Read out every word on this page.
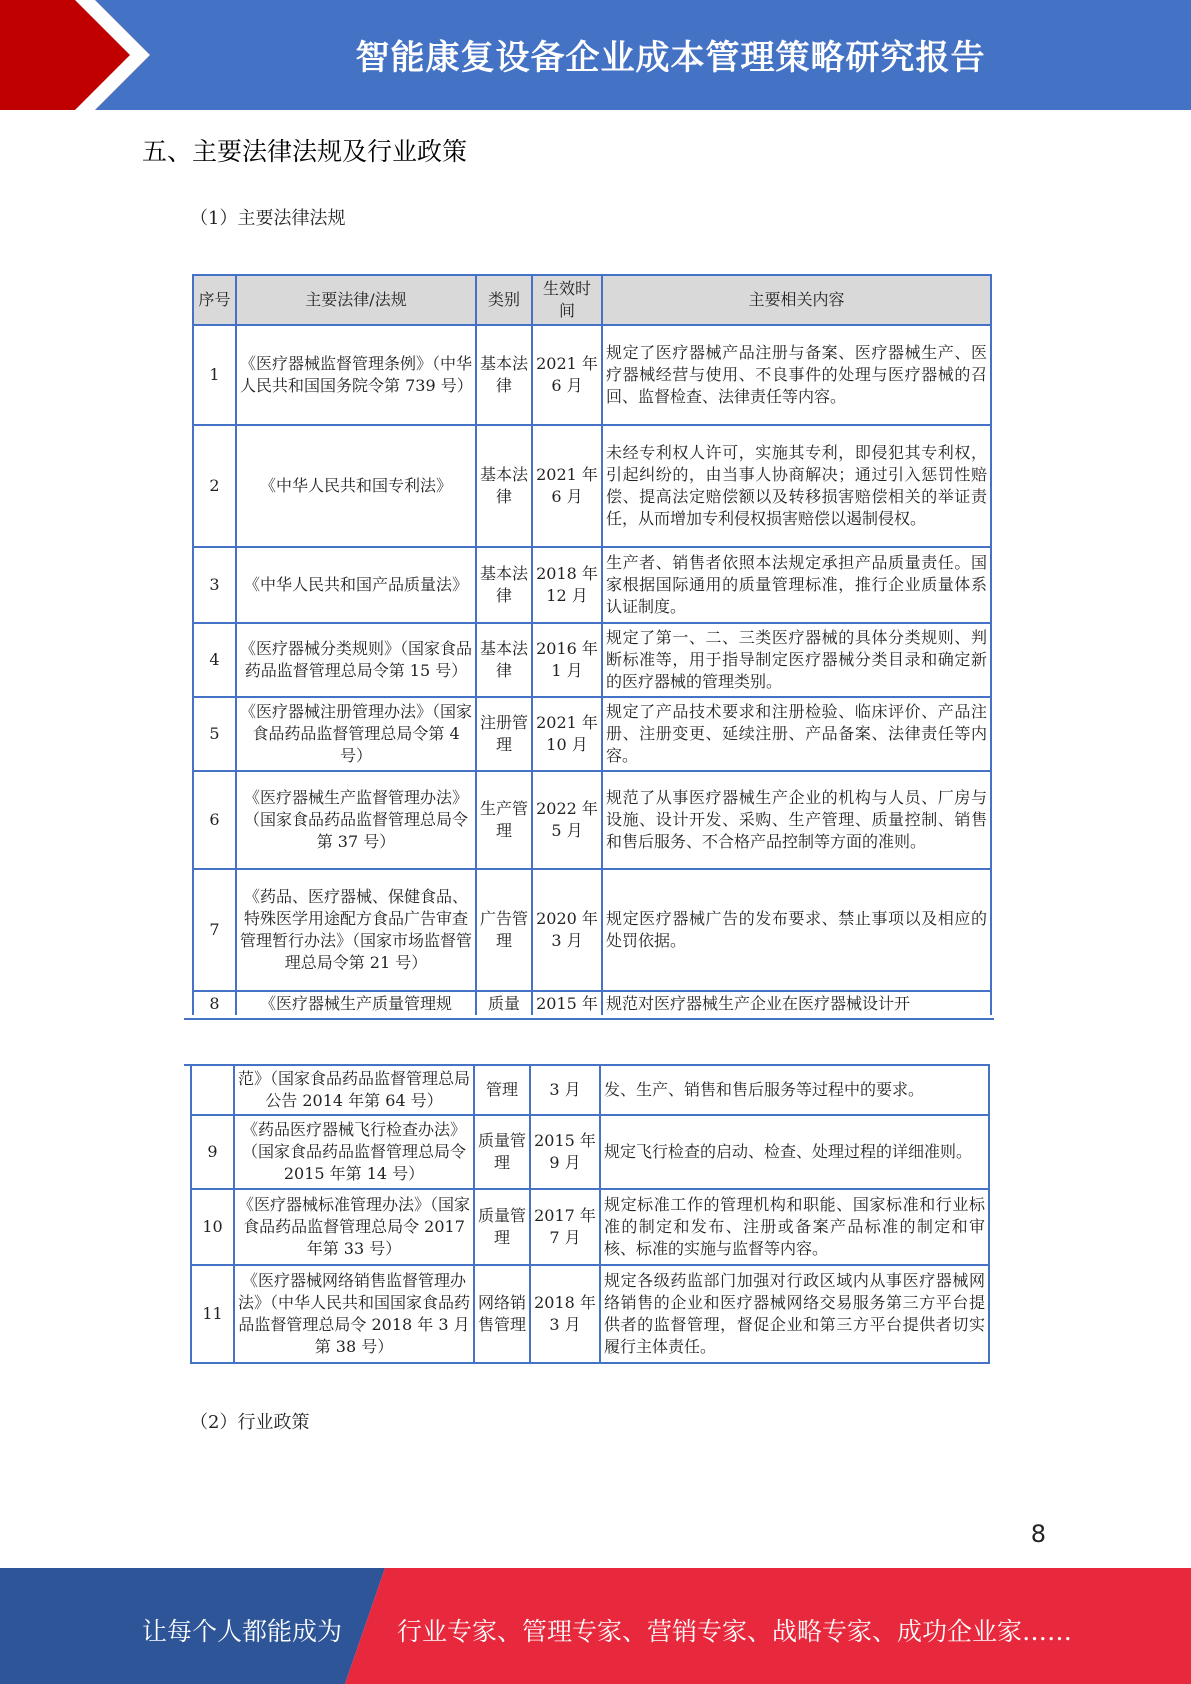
智能康复设备企业成本管理策略研究报告
五、主要法律法规及行业政策
（1）主要法律法规
序号	主要法律/法规	类别	生效时间	主要相关内容
1	《医疗器械监督管理条例》（中华人民共和国国务院令第 739 号）	基本法律	2021 年6 月	规定了医疗器械产品注册与备案、医疗器械生产、医疗器械经营与使用、不良事件的处理与医疗器械的召回、监督检查、法律责任等内容。
2	《中华人民共和国专利法》	基本法律	2021 年6 月	未经专利权人许可，实施其专利，即侵犯其专利权，引起纠纷的，由当事人协商解决；通过引入惩罚性赔偿、提高法定赔偿额以及转移损害赔偿相关的举证责任，从而增加专利侵权损害赔偿以遏制侵权。
3	《中华人民共和国产品质量法》	基本法律	2018 年12 月	生产者、销售者依照本法规定承担产品质量责任。国家根据国际通用的质量管理标准，推行企业质量体系认证制度。
4	《医疗器械分类规则》（国家食品药品监督管理总局令第 15 号）	基本法律	2016 年1 月	规定了第一、二、三类医疗器械的具体分类规则、判断标准等，用于指导制定医疗器械分类目录和确定新的医疗器械的管理类别。
5	《医疗器械注册管理办法》（国家食品药品监督管理总局令第 4 号）	注册管理	2021 年10 月	规定了产品技术要求和注册检验、临床评价、产品注册、注册变更、延续注册、产品备案、法律责任等内容。
6	《医疗器械生产监督管理办法》（国家食品药品监督管理总局令第 37 号）	生产管理	2022 年5 月	规范了从事医疗器械生产企业的机构与人员、厂房与设施、设计开发、采购、生产管理、质量控制、销售和售后服务、不合格产品控制等方面的准则。
7	《药品、医疗器械、保健食品、特殊医学用途配方食品广告审查管理暂行办法》（国家市场监督管理总局令第 21 号）	广告管理	2020 年3 月	规定医疗器械广告的发布要求、禁止事项以及相应的处罚依据。
8	《医疗器械生产质量管理规	质量	2015 年	规范对医疗器械生产企业在医疗器械设计开
	范》（国家食品药品监督管理总局公告 2014 年第 64 号）	管理	3 月	发、生产、销售和售后服务等过程中的要求。
9	《药品医疗器械飞行检查办法》（国家食品药品监督管理总局令 2015 年第 14 号）	质量管理	2015 年9 月	规定飞行检查的启动、检查、处理过程的详细准则。
10	《医疗器械标准管理办法》（国家食品药品监督管理总局令 2017 年第 33 号）	质量管理	2017 年7 月	规定标准工作的管理机构和职能、国家标准和行业标准的制定和发布、注册或备案产品标准的制定和审核、标准的实施与监督等内容。
11	《医疗器械网络销售监督管理办法》（中华人民共和国国家食品药品监督管理总局令 2018 年 3 月第 38 号）	网络销售管理	2018 年3 月	规定各级药监部门加强对行政区域内从事医疗器械网络销售的企业和医疗器械网络交易服务第三方平台提供者的监督管理，督促企业和第三方平台提供者切实履行主体责任。
（2）行业政策
8
让每个人都能成为 行业专家、管理专家、营销专家、战略专家、成功企业家……
